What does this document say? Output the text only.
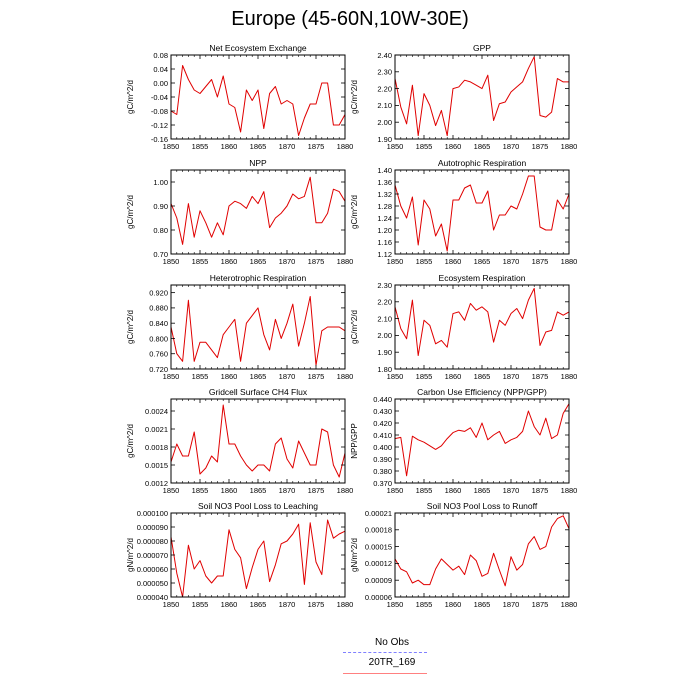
Europe (45-60N,10W-30E)
Net Ecosystem Exchange
gC/m^2/d
1850 1855 1860 1865 1870 1875 1880
-0.16
-0.12
-0.08
-0.04
0.00
0.04
0.08
GPP
gC/m^2/d
1850 1855 1860 1865 1870 1875 1880
1.90
2.00
2.10
2.20
2.30
2.40
NPP
gC/m^2/d
1850 1855 1860 1865 1870 1875 1880
0.70
0.80
0.90
1.00
Autotrophic Respiration
gC/m^2/d
1850 1855 1860 1865 1870 1875 1880
1.12
1.16
1.20
1.24
1.28
1.32
1.36
1.40
Heterotrophic Respiration
gC/m^2/d
1850 1855 1860 1865 1870 1875 1880
0.720
0.760
0.800
0.840
0.880
0.920
Ecosystem Respiration
gC/m^2/d
1850 1855 1860 1865 1870 1875 1880
1.80
1.90
2.00
2.10
2.20
2.30
Gridcell Surface CH4 Flux
gC/m^2/d
1850 1855 1860 1865 1870 1875 1880
0.0012
0.0015
0.0018
0.0021
0.0024
Carbon Use Efficiency (NPP/GPP)
NPP/GPP
1850 1855 1860 1865 1870 1875 1880
0.370
0.380
0.390
0.400
0.410
0.420
0.430
0.440
Soil NO3 Pool Loss to Leaching
gN/m^2/d
1850 1855 1860 1865 1870 1875 1880
0.000040
0.000050
0.000060
0.000070
0.000080
0.000090
0.000100
Soil NO3 Pool Loss to Runoff
gN/m^2/d
1850 1855 1860 1865 1870 1875 1880
0.00006
0.00009
0.00012
0.00015
0.00018
0.00021
No Obs
20TR_169
